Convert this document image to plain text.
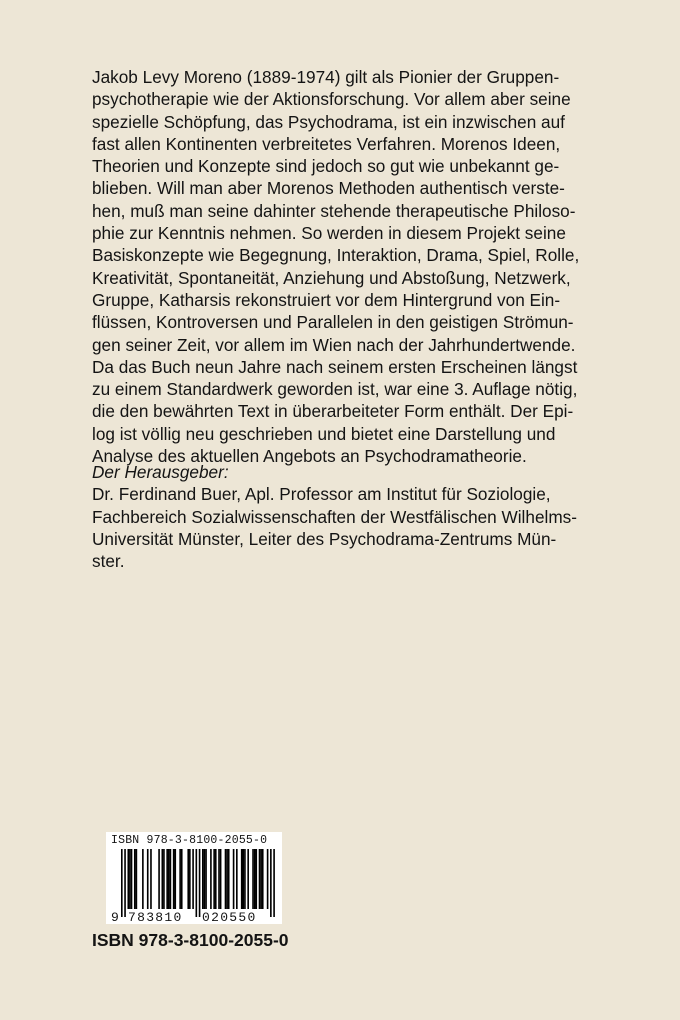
Jakob Levy Moreno (1889-1974) gilt als Pionier der Gruppen-
psychotherapie wie der Aktionsforschung. Vor allem aber seine
spezielle Schöpfung, das Psychodrama, ist ein inzwischen auf
fast allen Kontinenten verbreitetes Verfahren. Morenos Ideen,
Theorien und Konzepte sind jedoch so gut wie unbekannt ge-
blieben. Will man aber Morenos Methoden authentisch verste-
hen, muß man seine dahinter stehende therapeutische Philoso-
phie zur Kenntnis nehmen. So werden in diesem Projekt seine
Basiskonzepte wie Begegnung, Interaktion, Drama, Spiel, Rolle,
Kreativität, Spontaneität, Anziehung und Abstoßung, Netzwerk,
Gruppe, Katharsis rekonstruiert vor dem Hintergrund von Ein-
flüssen, Kontroversen und Parallelen in den geistigen Strömun-
gen seiner Zeit, vor allem im Wien nach der Jahrhundertwende.
Da das Buch neun Jahre nach seinem ersten Erscheinen längst
zu einem Standardwerk geworden ist, war eine 3. Auflage nötig,
die den bewährten Text in überarbeiteter Form enthält. Der Epi-
log ist völlig neu geschrieben und bietet eine Darstellung und
Analyse des aktuellen Angebots an Psychodramatheorie.
Der Herausgeber:
Dr. Ferdinand Buer, Apl. Professor am Institut für Soziologie,
Fachbereich Sozialwissenschaften der Westfälischen Wilhelms-
Universität Münster, Leiter des Psychodrama-Zentrums Mün-
ster.
ISBN 978-3-8100-2055-0
9 783810 020550
ISBN 978-3-8100-2055-0
